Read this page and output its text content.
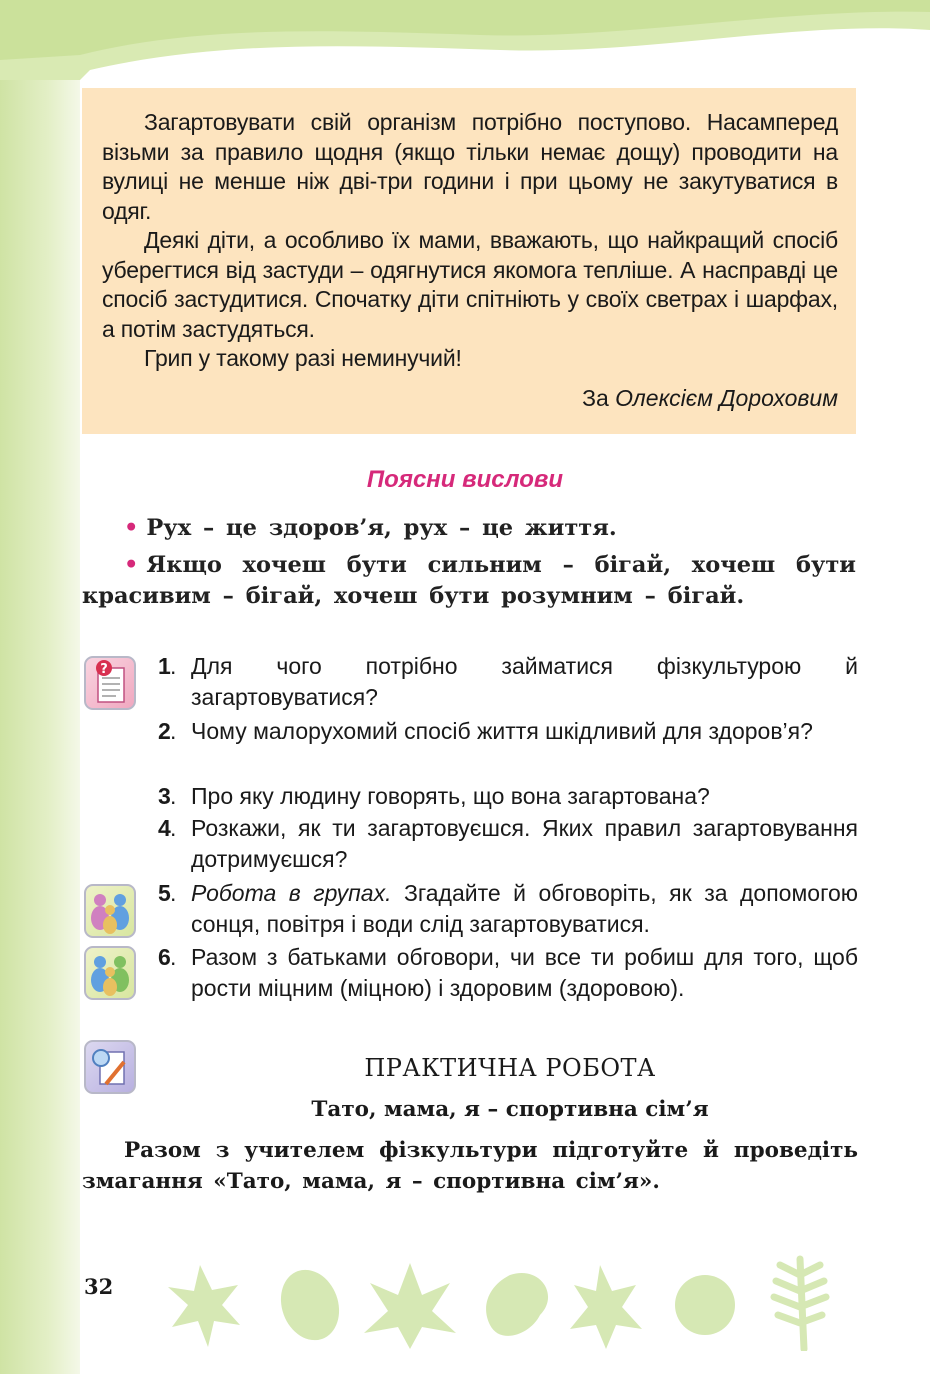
Загартовувати свій організм потрібно поступово. Насамперед візьми за правило щодня (якщо тільки немає дощу) проводити на вулиці не менше ніж дві-три години і при цьому не закутуватися в одяг.

Деякі діти, а особливо їх мами, вважають, що найкращий спосіб уберегтися від застуди – одягнутися якомога тепліше. А насправді це спосіб застудитися. Спочатку діти спітніють у своїх светрах і шарфах, а потім застудяться.

Грип у такому разі неминучий!

За Олексієм Дороховим
Поясни вислови

• Рух – це здоров’я, рух – це життя.

• Якщо хочеш бути сильним – бігай, хочеш бути красивим – бігай, хочеш бути розумним – бігай.

? 1 . Для чого потрібно займатися фізкультурою й загартовуватися?
2 . Чому малорухомий спосіб життя шкідливий для здоров’я?
3 . Про яку людину говорять, що вона загартована?
4 . Розкажи, як ти загартовуєшся. Яких правил загартовування дотримуєшся?
5 . Робота в групах. Згадайте й обговоріть, як за допомогою сонця, повітря і води слід загартовуватися.
6 . Разом з батьками обговори, чи все ти робиш для того, щоб рости міцним (міцною) і здоровим (здоровою).
ПРАКТИЧНА РОБОТА
Тато, мама, я – спортивна сім’я

Разом з учителем фізкультури підготуйте й проведіть змагання «Тато, мама, я – спортивна сім’я».

32
